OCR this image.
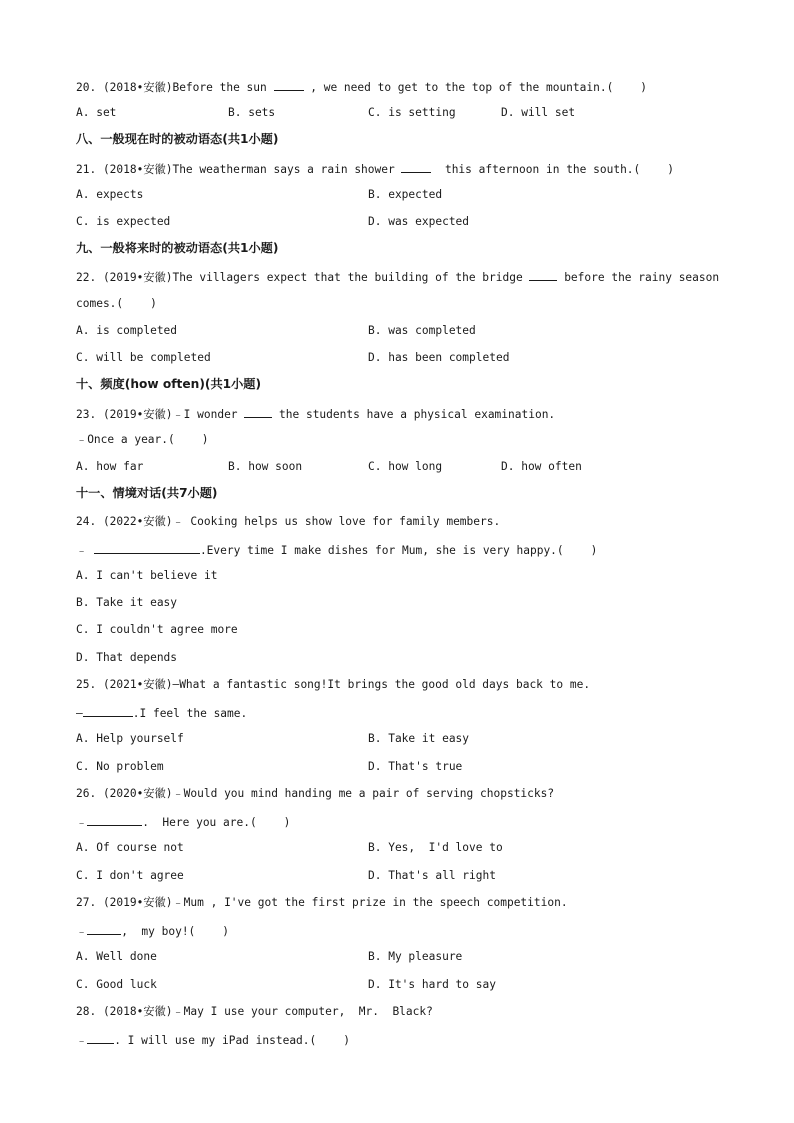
20. (2018•安徽)Before the sun	, we need to get to the top of the mountain.(    )
A. set	B. sets	C. is setting	D. will set
八、一般现在时的被动语态(共1小题)
21. (2018•安徽)The weatherman says a rain shower	this afternoon in the south.(    )
A. expects	B. expected
C. is expected	D. was expected
九、一般将来时的被动语态(共1小题)
22. (2019•安徽)The villagers expect that the building of the bridge	before the rainy season
comes.(    )
A. is completed	B. was completed
C. will be completed	D. has been completed
十、频度(how often)(共1小题)
23. (2019•安徽)﹣I wonder	the students have a physical examination.
﹣Once a year.(    )
A. how far	B. how soon	C. how long	D. how often
十一、情境对话(共7小题)
24. (2022•安徽)﹣ Cooking helps us show love for family members.
﹣	.Every time I make dishes for Mum, she is very happy.(    )
A. I can't believe it
B. Take it easy
C. I couldn't agree more
D. That depends
25. (2021•安徽)—What a fantastic song!It brings the good old days back to me.
—	.I feel the same.
A. Help yourself	B. Take it easy
C. No problem	D. That's true
26. (2020•安徽)﹣Would you mind handing me a pair of serving chopsticks?
﹣	.  Here you are.(    )
A. Of course not	B. Yes,  I'd love to
C. I don't agree	D. That's all right
27. (2019•安徽)﹣Mum , I've got the first prize in the speech competition.
﹣	,  my boy!(    )
A. Well done	B. My pleasure
C. Good luck	D. It's hard to say
28. (2018•安徽)﹣May I use your computer,  Mr.  Black?
﹣ . I will use my iPad instead.(    )
